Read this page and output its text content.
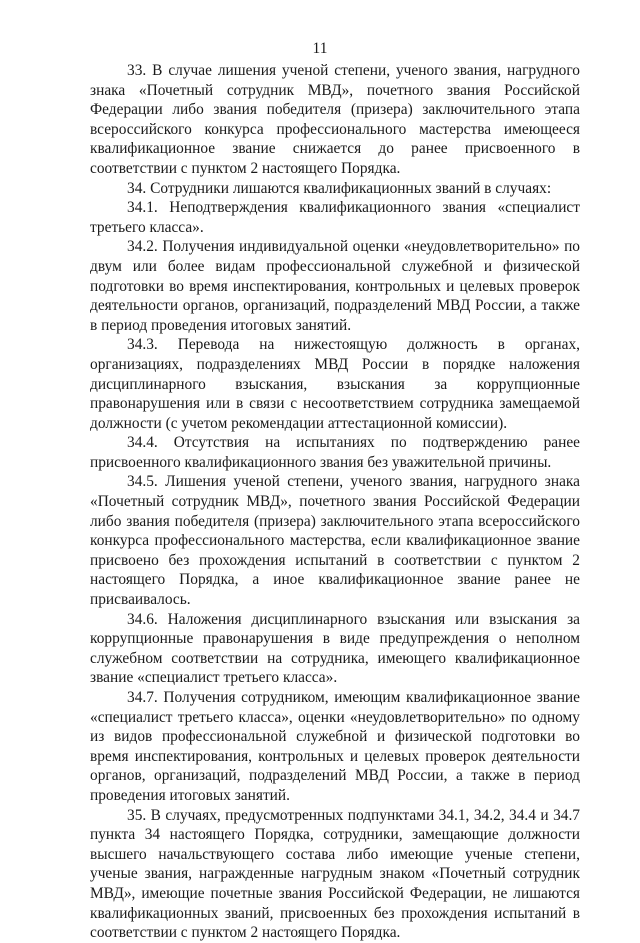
11

33. В случае лишения ученой степени, ученого звания, нагрудного знака «Почетный сотрудник МВД», почетного звания Российской Федерации либо звания победителя (призера) заключительного этапа всероссийского конкурса профессионального мастерства имеющееся квалификационное звание снижается до ранее присвоенного в соответствии с пунктом 2 настоящего Порядка.

34. Сотрудники лишаются квалификационных званий в случаях:

34.1. Неподтверждения квалификационного звания «специалист третьего класса».

34.2. Получения индивидуальной оценки «неудовлетворительно» по двум или более видам профессиональной служебной и физической подготовки во время инспектирования, контрольных и целевых проверок деятельности органов, организаций, подразделений МВД России, а также в период проведения итоговых занятий.

34.3. Перевода на нижестоящую должность в органах, организациях, подразделениях МВД России в порядке наложения дисциплинарного взыскания, взыскания за коррупционные правонарушения или в связи с несоответствием сотрудника замещаемой должности (с учетом рекомендации аттестационной комиссии).

34.4. Отсутствия на испытаниях по подтверждению ранее присвоенного квалификационного звания без уважительной причины.

34.5. Лишения ученой степени, ученого звания, нагрудного знака «Почетный сотрудник МВД», почетного звания Российской Федерации либо звания победителя (призера) заключительного этапа всероссийского конкурса профессионального мастерства, если квалификационное звание присвоено без прохождения испытаний в соответствии с пунктом 2 настоящего Порядка, а иное квалификационное звание ранее не присваивалось.

34.6. Наложения дисциплинарного взыскания или взыскания за коррупционные правонарушения в виде предупреждения о неполном служебном соответствии на сотрудника, имеющего квалификационное звание «специалист третьего класса».

34.7. Получения сотрудником, имеющим квалификационное звание «специалист третьего класса», оценки «неудовлетворительно» по одному из видов профессиональной служебной и физической подготовки во время инспектирования, контрольных и целевых проверок деятельности органов, организаций, подразделений МВД России, а также в период проведения итоговых занятий.

35. В случаях, предусмотренных подпунктами 34.1, 34.2, 34.4 и 34.7 пункта 34 настоящего Порядка, сотрудники, замещающие должности высшего начальствующего состава либо имеющие ученые степени, ученые звания, награжденные нагрудным знаком «Почетный сотрудник МВД», имеющие почетные звания Российской Федерации, не лишаются квалификационных званий, присвоенных без прохождения испытаний в соответствии с пунктом 2 настоящего Порядка.
